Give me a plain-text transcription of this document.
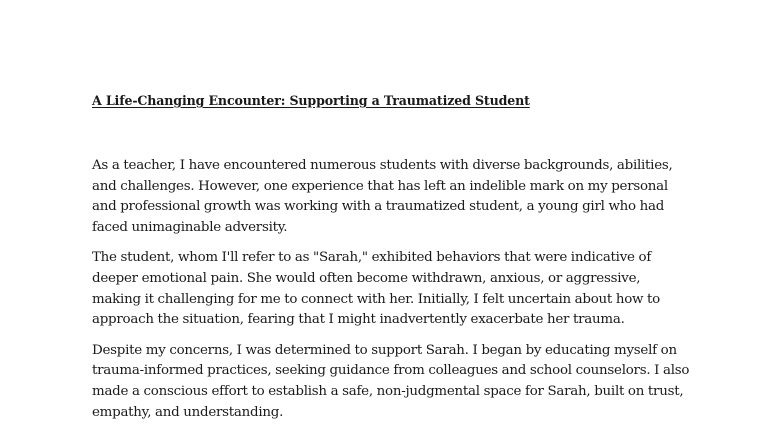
A Life-Changing Encounter: Supporting a Traumatized Student

As a teacher, I have encountered numerous students with diverse backgrounds, abilities, and challenges. However, one experience that has left an indelible mark on my personal and professional growth was working with a traumatized student, a young girl who had faced unimaginable adversity.

The student, whom I'll refer to as "Sarah," exhibited behaviors that were indicative of deeper emotional pain. She would often become withdrawn, anxious, or aggressive, making it challenging for me to connect with her. Initially, I felt uncertain about how to approach the situation, fearing that I might inadvertently exacerbate her trauma.

Despite my concerns, I was determined to support Sarah. I began by educating myself on trauma-informed practices, seeking guidance from colleagues and school counselors. I also made a conscious effort to establish a safe, non-judgmental space for Sarah, built on trust, empathy, and understanding.
